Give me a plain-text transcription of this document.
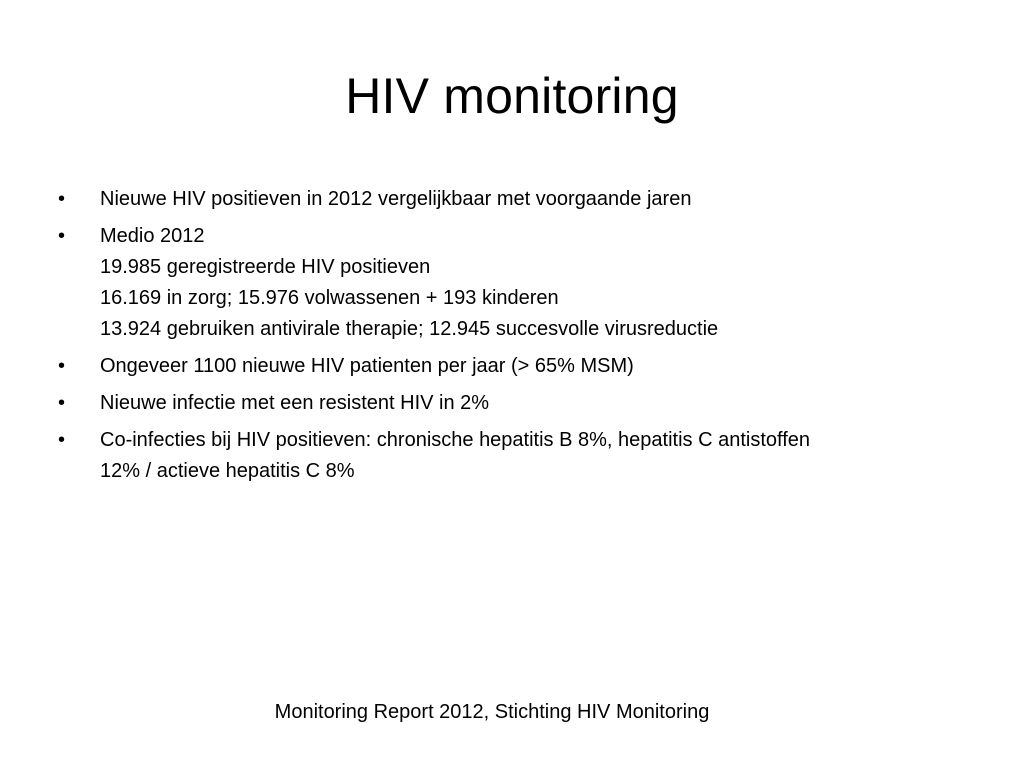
HIV monitoring
•	Nieuwe HIV positieven in 2012 vergelijkbaar met voorgaande jaren
•	Medio 2012
19.985 geregistreerde HIV positieven
16.169 in zorg; 15.976 volwassenen + 193 kinderen
13.924 gebruiken antivirale therapie; 12.945 succesvolle virusreductie
•	Ongeveer 1100 nieuwe HIV patienten per jaar (> 65% MSM)
•	Nieuwe infectie met een resistent HIV in 2%
•	Co-infecties bij HIV positieven: chronische hepatitis B 8%, hepatitis C antistoffen
12% / actieve hepatitis C 8%

Monitoring Report 2012, Stichting HIV Monitoring
